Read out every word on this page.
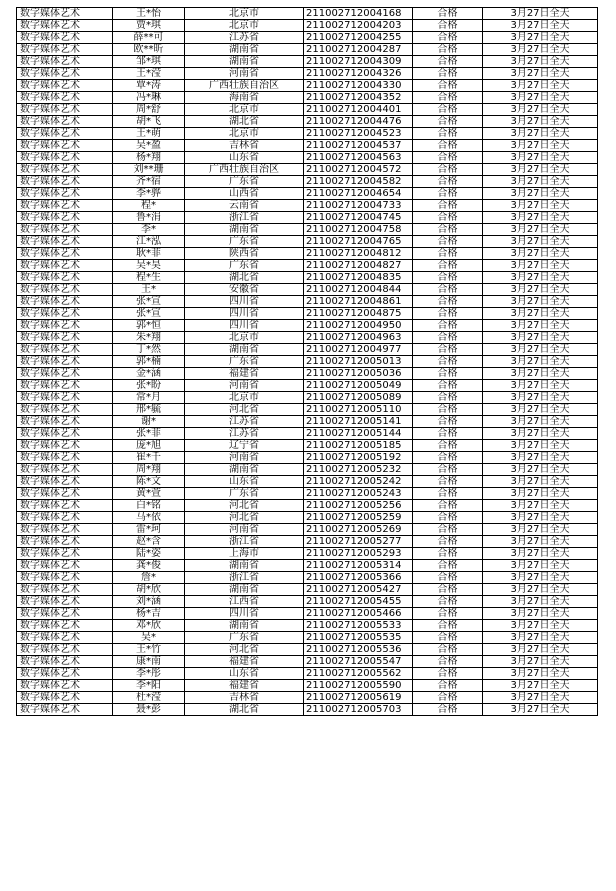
数字媒体艺术	王*怡	北京市	211002712004168	合格	3月27日全天
数字媒体艺术	贾*琪	北京市	211002712004203	合格	3月27日全天
数字媒体艺术	薛**可	江苏省	211002712004255	合格	3月27日全天
数字媒体艺术	欧**昕	湖南省	211002712004287	合格	3月27日全天
数字媒体艺术	邹*琪	湖南省	211002712004309	合格	3月27日全天
数字媒体艺术	王*滢	河南省	211002712004326	合格	3月27日全天
数字媒体艺术	覃*涛	广西壮族自治区	211002712004330	合格	3月27日全天
数字媒体艺术	冯*琳	海南省	211002712004352	合格	3月27日全天
数字媒体艺术	周*舒	北京市	211002712004401	合格	3月27日全天
数字媒体艺术	胡*飞	湖北省	211002712004476	合格	3月27日全天
数字媒体艺术	王*萌	北京市	211002712004523	合格	3月27日全天
数字媒体艺术	吴*盈	吉林省	211002712004537	合格	3月27日全天
数字媒体艺术	杨*翔	山东省	211002712004563	合格	3月27日全天
数字媒体艺术	刘**珊	广西壮族自治区	211002712004572	合格	3月27日全天
数字媒体艺术	齐*宿	广东省	211002712004582	合格	3月27日全天
数字媒体艺术	李*骅	山西省	211002712004654	合格	3月27日全天
数字媒体艺术	程*	云南省	211002712004733	合格	3月27日全天
数字媒体艺术	鲁*涓	浙江省	211002712004745	合格	3月27日全天
数字媒体艺术	李*	湖南省	211002712004758	合格	3月27日全天
数字媒体艺术	江*泓	广东省	211002712004765	合格	3月27日全天
数字媒体艺术	耿*菲	陕西省	211002712004812	合格	3月27日全天
数字媒体艺术	吴*昊	广东省	211002712004827	合格	3月27日全天
数字媒体艺术	程*生	湖北省	211002712004835	合格	3月27日全天
数字媒体艺术	王*	安徽省	211002712004844	合格	3月27日全天
数字媒体艺术	张*宣	四川省	211002712004861	合格	3月27日全天
数字媒体艺术	张*宣	四川省	211002712004875	合格	3月27日全天
数字媒体艺术	郭*恒	四川省	211002712004950	合格	3月27日全天
数字媒体艺术	朱*翔	北京市	211002712004963	合格	3月27日全天
数字媒体艺术	丁*然	湖南省	211002712004977	合格	3月27日全天
数字媒体艺术	郭*楠	广东省	211002712005013	合格	3月27日全天
数字媒体艺术	金*涵	福建省	211002712005036	合格	3月27日全天
数字媒体艺术	张*盼	河南省	211002712005049	合格	3月27日全天
数字媒体艺术	常*月	北京市	211002712005089	合格	3月27日全天
数字媒体艺术	邢*毓	河北省	211002712005110	合格	3月27日全天
数字媒体艺术	谢*	江苏省	211002712005141	合格	3月27日全天
数字媒体艺术	张*菲	江苏省	211002712005144	合格	3月27日全天
数字媒体艺术	庞*旭	辽宁省	211002712005185	合格	3月27日全天
数字媒体艺术	崔*千	河南省	211002712005192	合格	3月27日全天
数字媒体艺术	周*翔	湖南省	211002712005232	合格	3月27日全天
数字媒体艺术	陈*文	山东省	211002712005242	合格	3月27日全天
数字媒体艺术	黄*萱	广东省	211002712005243	合格	3月27日全天
数字媒体艺术	白*铭	河北省	211002712005256	合格	3月27日全天
数字媒体艺术	马*依	河北省	211002712005259	合格	3月27日全天
数字媒体艺术	雷*珂	河南省	211002712005269	合格	3月27日全天
数字媒体艺术	赵*含	浙江省	211002712005277	合格	3月27日全天
数字媒体艺术	陆*姿	上海市	211002712005293	合格	3月27日全天
数字媒体艺术	龚*俊	湖南省	211002712005314	合格	3月27日全天
数字媒体艺术	詹*	浙江省	211002712005366	合格	3月27日全天
数字媒体艺术	胡*欣	湖南省	211002712005427	合格	3月27日全天
数字媒体艺术	刘*涵	江西省	211002712005455	合格	3月27日全天
数字媒体艺术	杨*吉	四川省	211002712005466	合格	3月27日全天
数字媒体艺术	邓*欣	湖南省	211002712005533	合格	3月27日全天
数字媒体艺术	吴*	广东省	211002712005535	合格	3月27日全天
数字媒体艺术	王*竹	河北省	211002712005536	合格	3月27日全天
数字媒体艺术	康*南	福建省	211002712005547	合格	3月27日全天
数字媒体艺术	李*彤	山东省	211002712005562	合格	3月27日全天
数字媒体艺术	李*阳	福建省	211002712005590	合格	3月27日全天
数字媒体艺术	杜*滢	吉林省	211002712005619	合格	3月27日全天
数字媒体艺术	聂*彭	湖北省	211002712005703	合格	3月27日全天
